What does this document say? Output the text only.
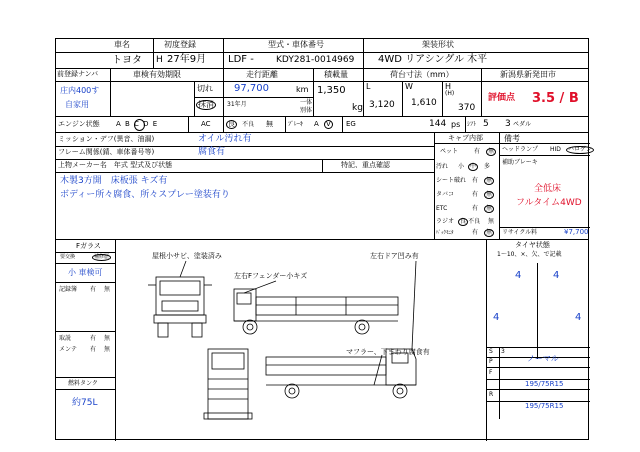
車名
トヨタ
初度登録
H 27年9月
型式・車体番号
LDF - KDY281-0014969
架装形状
4WD リアシングル 木平
前登録ナンバ
庄内400す
自家用
車検有効期限
切れ
抹消
走行距離
31年月
97,700	km
一体
別体
積載量
1,350
kg
荷台寸法（mm）
L	W	H
(H)
3,120 1,610 370
新潟県新発田市
評価点 3.5 / B
エンジン状態 A B C D E	AC 良	不良 無	ﾌﾞﾚｰｷ A V EG	144 ps ｼﾌﾄ 5 3 ペダル
ミッション・デフ(異音、油漏)	オイル汚れ有
フレーム関係(錆、車体番号等)	腐食有
上物メーカー名　年式 型式及び状態	特記、重点確認
木製3方開　床板張 キズ有
ボディー所々腐食、所々スプレー塗装有り
キャブ内部
ペット	有	無
汚れ 小 中	多
シート破れ 有	無
タバコ	有	無
ETC	有	無
ラジオ 良 不良 無
ﾊﾞｯｸﾓﾆﾀ	有	無
備考
ヘッドランプ HID	ハロゲン
補助ブレーキ
全低床
フルタイム4WD
リサイクル料	¥7,700
Fガラス
要交換	補修歴
小 車検可
記録簿 有 無
取説	有 無
メンテ 有 無
燃料タンク
約75L
屋根小サビ、塗装済み	左右ドア凹み有
左右Fフェンダー小キズ
マフラー、下まわり腐食有
タイヤ状態
1〜10、×、欠、で記載
4	4
4	4
S 3
P	ノーマル
F
195/75R15
R
195/75R15
